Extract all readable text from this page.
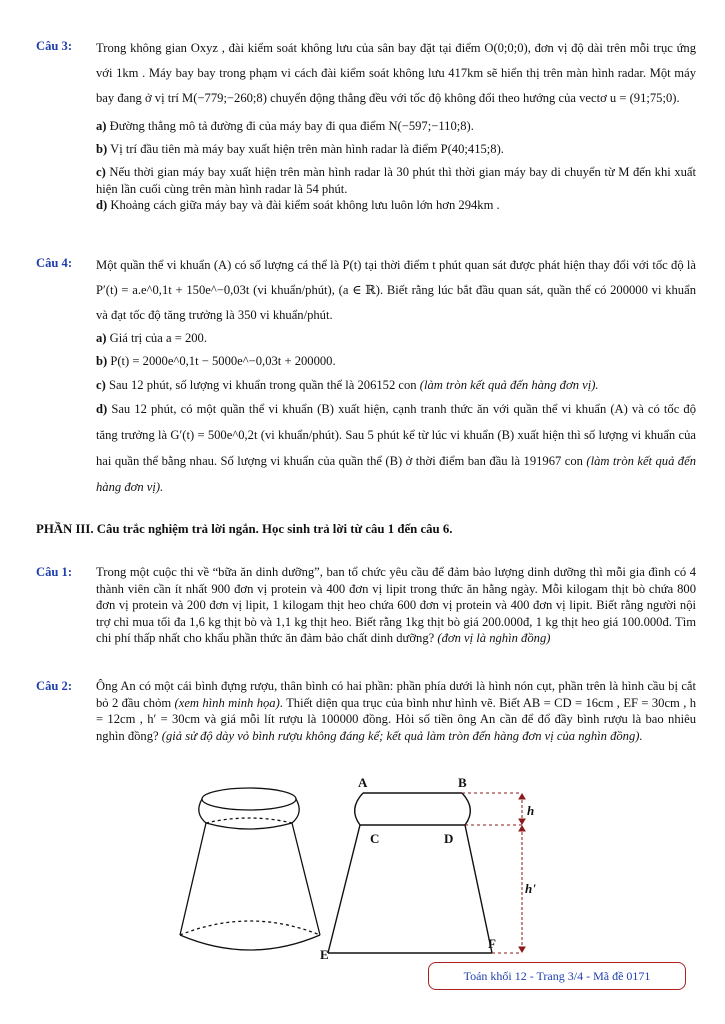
Câu 3:	Trong không gian Oxyz , đài kiểm soát không lưu của sân bay đặt tại điểm O(0;0;0), đơn vị độ dài trên mỗi trục ứng với 1km . Máy bay bay trong phạm vi cách đài kiểm soát không lưu 417km sẽ hiển thị trên màn hình radar. Một máy bay đang ở vị trí M(−779;−260;8) chuyển động thẳng đều với tốc độ không đổi theo hướng của vectơ u = (91;75;0).

a) Đường thẳng mô tả đường đi của máy bay đi qua điểm N(−597;−110;8).

b) Vị trí đầu tiên mà máy bay xuất hiện trên màn hình radar là điểm P(40;415;8).

c) Nếu thời gian máy bay xuất hiện trên màn hình radar là 30 phút thì thời gian máy bay di chuyển từ M đến khi xuất hiện lần cuối cùng trên màn hình radar là 54 phút.

d) Khoảng cách giữa máy bay và đài kiểm soát không lưu luôn lớn hơn 294km .

Câu 4:	Một quần thể vi khuẩn (A) có số lượng cá thể là P(t) tại thời điểm t phút quan sát được phát hiện thay đổi với tốc độ là P′(t) = a.e^0,1t + 150e^−0,03t (vi khuẩn/phút), (a ∈ ℝ). Biết rằng lúc bắt đầu quan sát, quần thể có 200000 vi khuẩn và đạt tốc độ tăng trưởng là 350 vi khuẩn/phút.

a) Giá trị của a = 200.

b) P(t) = 2000e^0,1t − 5000e^−0,03t + 200000.

c) Sau 12 phút, số lượng vi khuẩn trong quần thể là 206152 con (làm tròn kết quả đến hàng đơn vị).

d) Sau 12 phút, có một quần thể vi khuẩn (B) xuất hiện, cạnh tranh thức ăn với quần thể vi khuẩn (A) và có tốc độ tăng trưởng là G′(t) = 500e^0,2t (vi khuẩn/phút). Sau 5 phút kể từ lúc vi khuẩn (B) xuất hiện thì số lượng vi khuẩn của hai quần thể bằng nhau. Số lượng vi khuẩn của quần thể (B) ở thời điểm ban đầu là 191967 con (làm tròn kết quả đến hàng đơn vị).

PHẦN III. Câu trắc nghiệm trả lời ngắn. Học sinh trả lời từ câu 1 đến câu 6.
Câu 1:	Trong một cuộc thi về “bữa ăn dinh dưỡng”, ban tổ chức yêu cầu để đảm bảo lượng dinh dưỡng thì mỗi gia đình có 4 thành viên cần ít nhất 900 đơn vị protein và 400 đơn vị lipit trong thức ăn hằng ngày. Mỗi kilogam thịt bò chứa 800 đơn vị protein và 200 đơn vị lipit, 1 kilogam thịt heo chứa 600 đơn vị protein và 400 đơn vị lipit. Biết rằng người nội trợ chỉ mua tối đa 1,6 kg thịt bò và 1,1 kg thịt heo. Biết rằng 1kg thịt bò giá 200.000đ, 1 kg thịt heo giá 100.000đ. Tìm chi phí thấp nhất cho khẩu phần thức ăn đảm bảo chất dinh dưỡng? (đơn vị là nghìn đồng)

Câu 2:	Ông An có một cái bình đựng rượu, thân bình có hai phần: phần phía dưới là hình nón cụt, phần trên là hình cầu bị cắt bỏ 2 đầu chỏm (xem hình minh họa). Thiết diện qua trục của bình như hình vẽ. Biết AB = CD = 16cm , EF = 30cm , h = 12cm , h′ = 30cm và giá mỗi lít rượu là 100000 đồng. Hỏi số tiền ông An cần để đổ đầy bình rượu là bao nhiêu nghìn đồng? (giả sử độ dày vỏ bình rượu không đáng kể; kết quả làm tròn đến hàng đơn vị của nghìn đồng).

A	B
C	D
E
F
h
h'
Toán khối 12 - Trang 3/4 - Mã đề 0171
